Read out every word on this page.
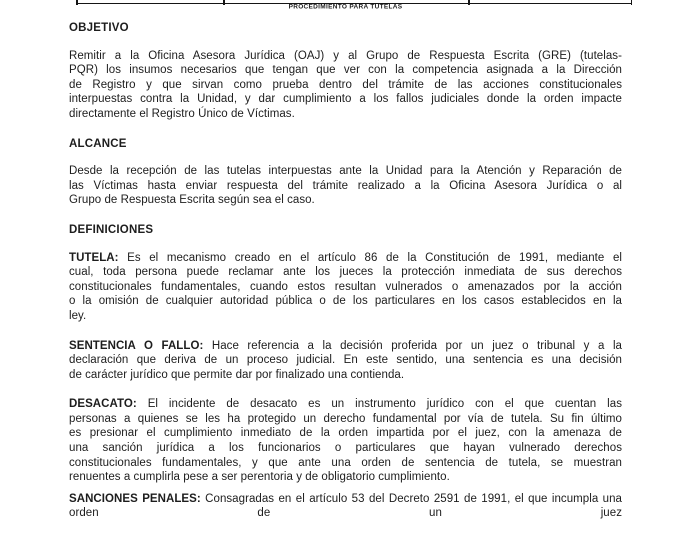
PROCEDIMIENTO PARA TUTELAS
OBJETIVO
Remitir a la Oficina Asesora Jurídica (OAJ) y al Grupo de Respuesta Escrita (GRE) (tutelas-
PQR) los insumos necesarios que tengan que ver con la competencia asignada a la Dirección
de Registro y que sirvan como prueba dentro del trámite de las acciones constitucionales
interpuestas contra la Unidad, y dar cumplimiento a los fallos judiciales donde la orden impacte
directamente el Registro Único de Víctimas.
ALCANCE
Desde la recepción de las tutelas interpuestas ante la Unidad para la Atención y Reparación de
las Víctimas hasta enviar respuesta del trámite realizado a la Oficina Asesora Jurídica o al
Grupo de Respuesta Escrita según sea el caso.
DEFINICIONES
TUTELA: Es el mecanismo creado en el artículo 86 de la Constitución de 1991, mediante el
cual, toda persona puede reclamar ante los jueces la protección inmediata de sus derechos
constitucionales fundamentales, cuando estos resultan vulnerados o amenazados por la acción
o la omisión de cualquier autoridad pública o de los particulares en los casos establecidos en la
ley.
SENTENCIA O FALLO: Hace referencia a la decisión proferida por un juez o tribunal y a la
declaración que deriva de un proceso judicial. En este sentido, una sentencia es una decisión
de carácter jurídico que permite dar por finalizado una contienda.
DESACATO: El incidente de desacato es un instrumento jurídico con el que cuentan las
personas a quienes se les ha protegido un derecho fundamental por vía de tutela. Su fin último
es presionar el cumplimiento inmediato de la orden impartida por el juez, con la amenaza de
una sanción jurídica a los funcionarios o particulares que hayan vulnerado derechos
constitucionales fundamentales, y que ante una orden de sentencia de tutela, se muestran
renuentes a cumplirla pese a ser perentoria y de obligatorio cumplimiento.
SANCIONES PENALES: Consagradas en el artículo 53 del Decreto 2591 de 1991, el que incumpla una orden de un juez
